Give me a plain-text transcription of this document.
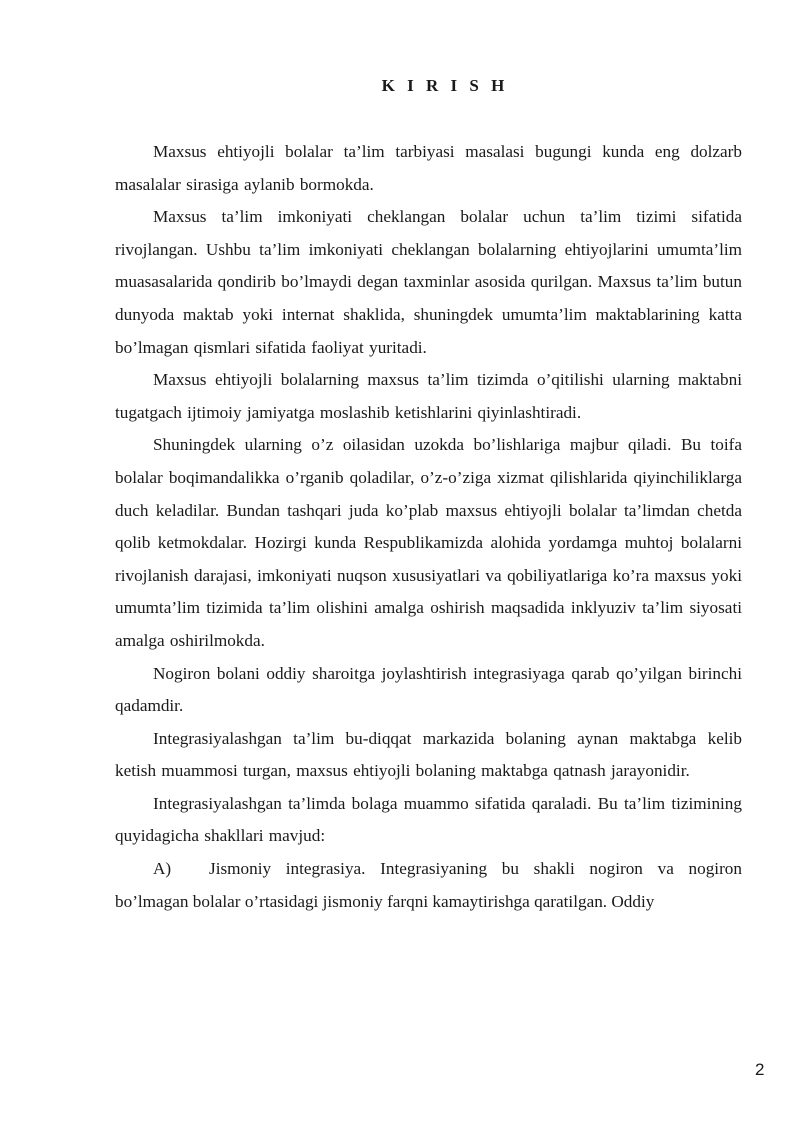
K I R I S H

Maxsus ehtiyojli bolalar ta’lim tarbiyasi masalasi bugungi kunda eng dolzarb masalalar sirasiga aylanib bormokda.

Maxsus ta’lim imkoniyati cheklangan bolalar uchun ta’lim tizimi sifatida rivojlangan. Ushbu ta’lim imkoniyati cheklangan bolalarning ehtiyojlarini umumta’lim muasasalarida qondirib bo’lmaydi degan taxminlar asosida qurilgan. Maxsus ta’lim butun dunyoda maktab yoki internat shaklida, shuningdek umumta’lim maktablarining katta bo’lmagan qismlari sifatida faoliyat yuritadi.

Maxsus ehtiyojli bolalarning maxsus ta’lim tizimda o’qitilishi ularning maktabni tugatgach ijtimoiy jamiyatga moslashib ketishlarini qiyinlashtiradi.

Shuningdek ularning o’z oilasidan uzokda bo’lishlariga majbur qiladi. Bu toifa bolalar boqimandalikka o’rganib qoladilar, o’z-o’ziga xizmat qilishlarida qiyinchiliklarga duch keladilar. Bundan tashqari juda ko’plab maxsus ehtiyojli bolalar ta’limdan chetda qolib ketmokdalar. Hozirgi kunda Respublikamizda alohida yordamga muhtoj bolalarni rivojlanish darajasi, imkoniyati nuqson xususiyatlari va qobiliyatlariga ko’ra maxsus yoki umumta’lim tizimida ta’lim olishini amalga oshirish maqsadida inklyuziv ta’lim siyosati amalga oshirilmokda.

Nogiron bolani oddiy sharoitga joylashtirish integrasiyaga qarab qo’yilgan birinchi qadamdir.

Integrasiyalashgan ta’lim bu-diqqat markazida bolaning aynan maktabga kelib ketish muammosi turgan, maxsus ehtiyojli bolaning maktabga qatnash jarayonidir.

Integrasiyalashgan ta’limda bolaga muammo sifatida qaraladi. Bu ta’lim tizimining quyidagicha shakllari mavjud:

A) Jismoniy integrasiya. Integrasiyaning bu shakli nogiron va nogiron bo’lmagan bolalar o’rtasidagi jismoniy farqni kamaytirishga qaratilgan. Oddiy

2
